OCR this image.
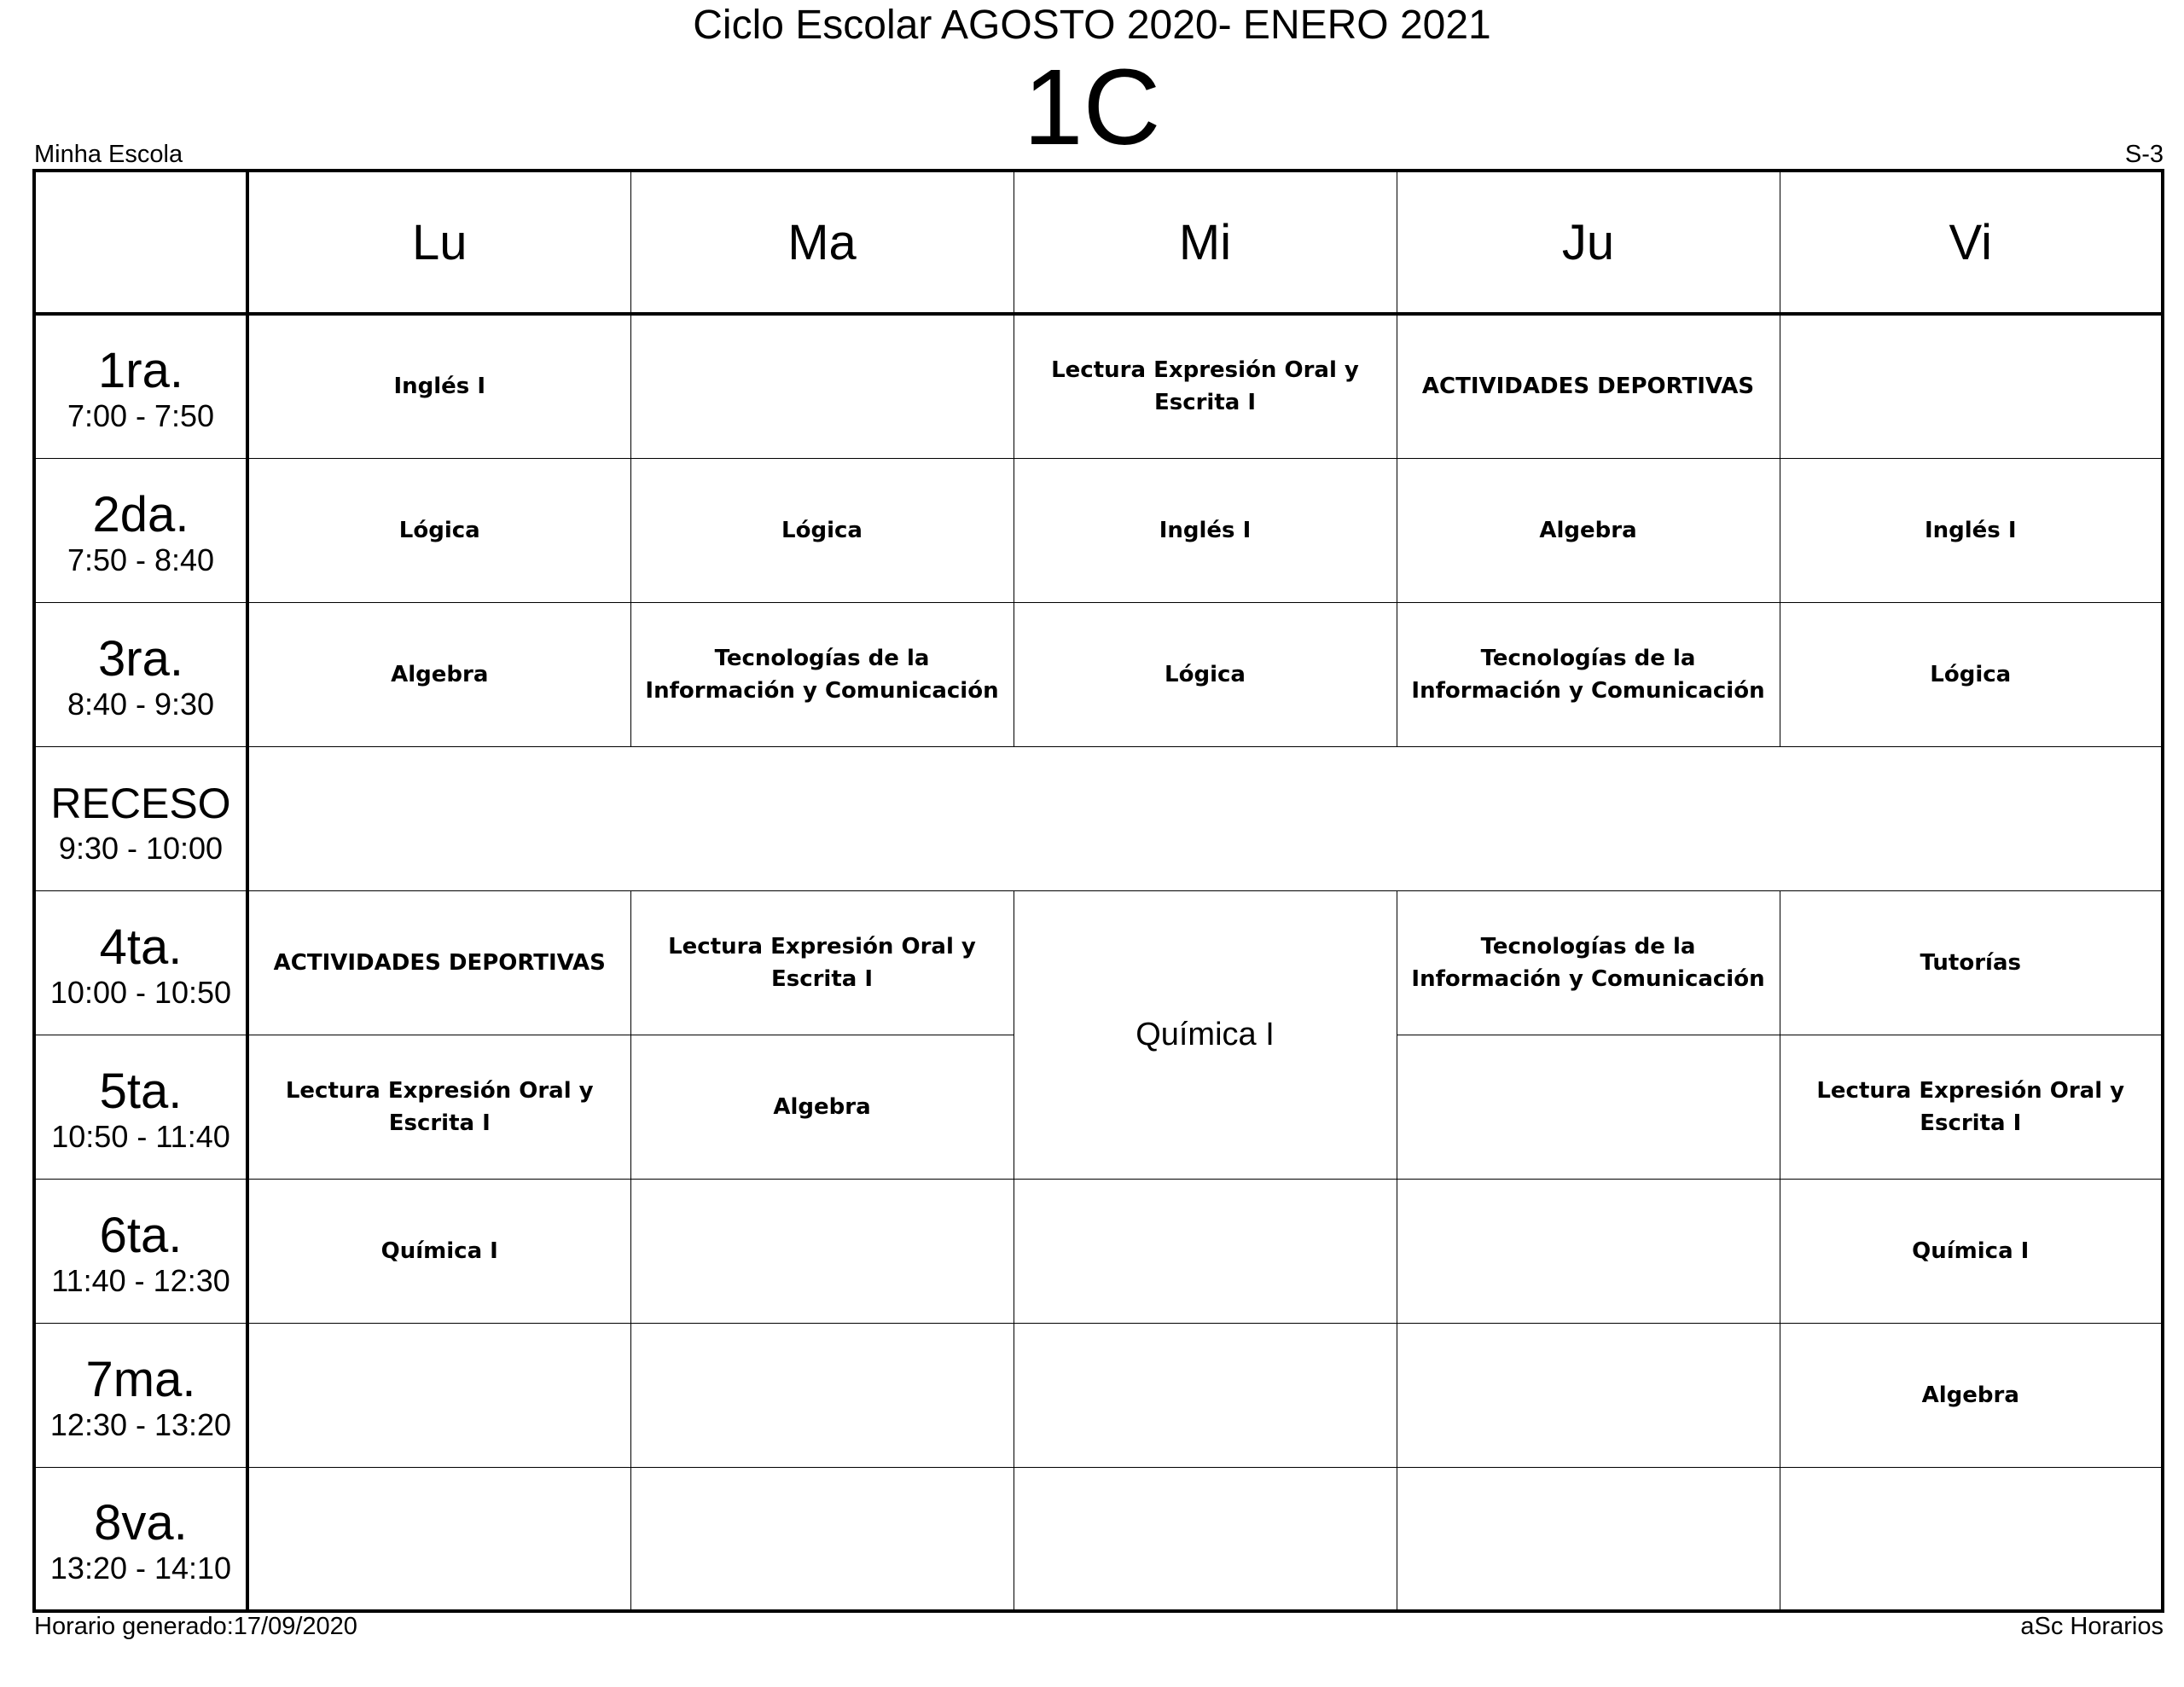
Ciclo Escolar AGOSTO 2020- ENERO 2021
1C
Minha Escola	S-3
	Lu	Ma	Mi	Ju	Vi

1ra.
7:00 - 7:50	Inglés I		Lectura Expresión Oral y Escrita I	ACTIVIDADES DEPORTIVAS	

2da.
7:50 - 8:40	Lógica	Lógica	Inglés I	Algebra	Inglés I

3ra.
8:40 - 9:30	Algebra	Tecnologías de la Información y Comunicación	Lógica	Tecnologías de la Información y Comunicación	Lógica

RECESO
9:30 - 10:00					

4ta.
10:00 - 10:50	ACTIVIDADES DEPORTIVAS	Lectura Expresión Oral y Escrita I	Química I	Tecnologías de la Información y Comunicación	Tutorías

5ta.
10:50 - 11:40	Lectura Expresión Oral y Escrita I	Algebra			Lectura Expresión Oral y Escrita I

6ta.
11:40 - 12:30	Química I				Química I

7ma.
12:30 - 13:20					Algebra

8va.
13:20 - 14:10					

Horario generado:17/09/2020	aSc Horarios
